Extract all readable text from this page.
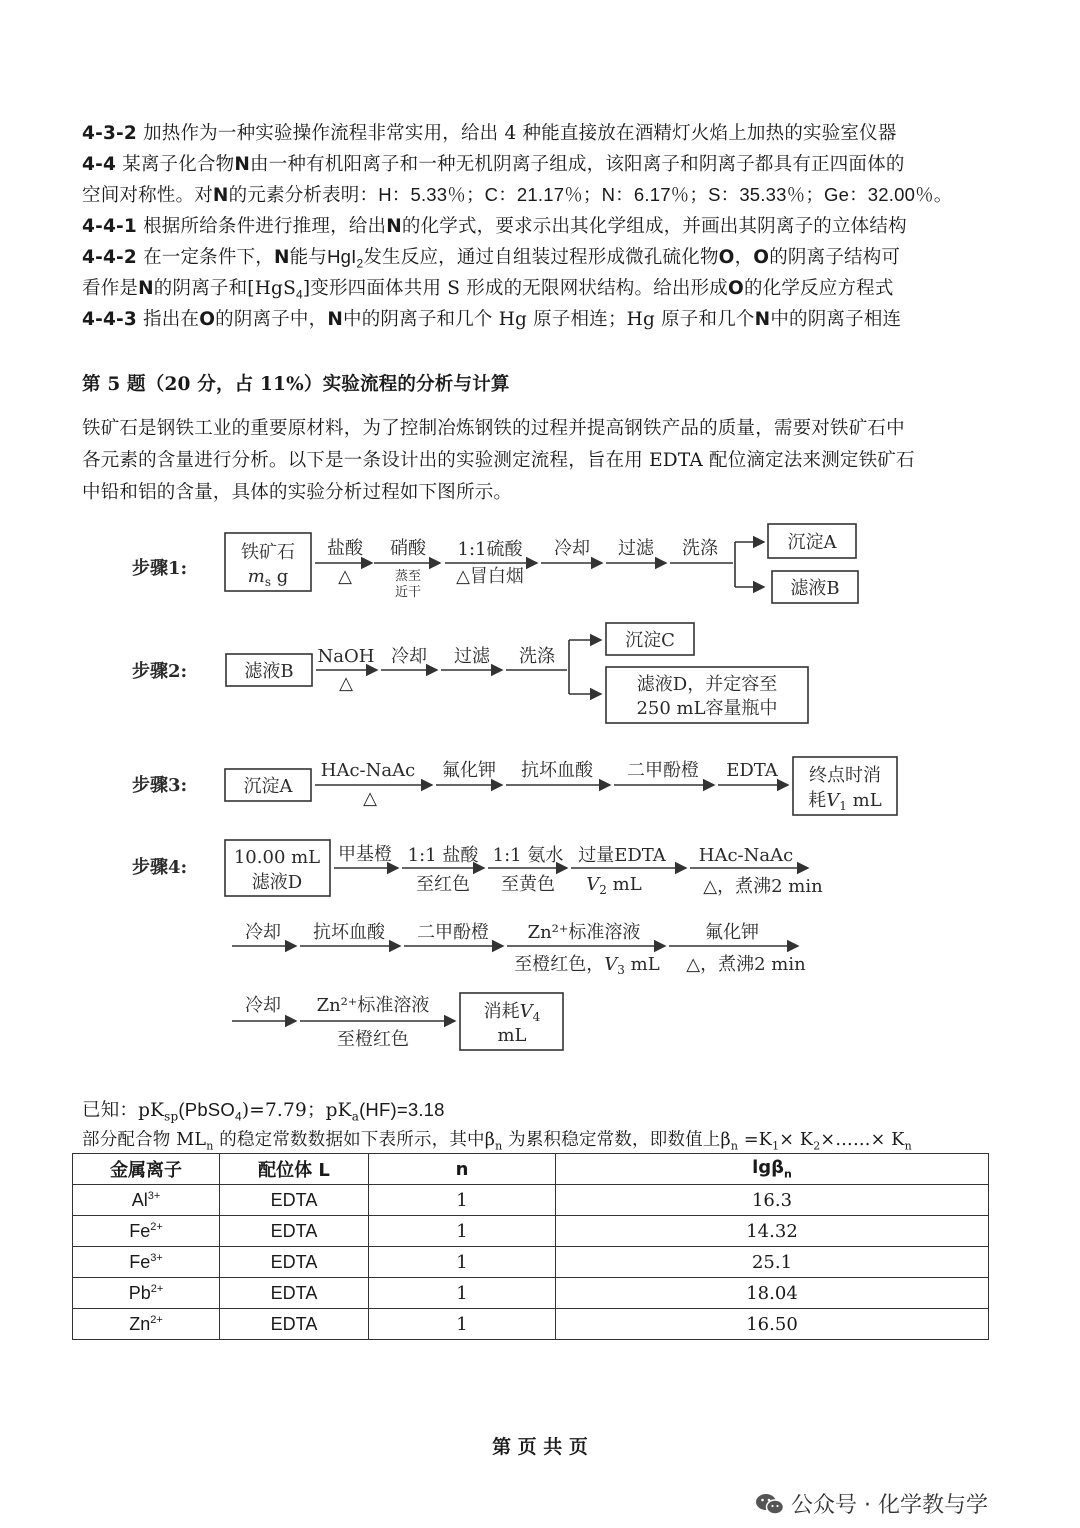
4-3-2 加热作为一种实验操作流程非常实用，给出 4 种能直接放在酒精灯火焰上加热的实验室仪器
4-4 某离子化合物N由一种有机阳离子和一种无机阴离子组成，该阳离子和阴离子都具有正四面体的
空间对称性。对N的元素分析表明：H：5.33％；C：21.17％；N：6.17％；S：35.33％；Ge：32.00％。
4-4-1 根据所给条件进行推理，给出N的化学式，要求示出其化学组成，并画出其阴离子的立体结构
4-4-2 在一定条件下，N能与HgI$_2$发生反应，通过自组装过程形成微孔硫化物O，O的阴离子结构可
看作是N的阴离子和[HgS$_4$]变形四面体共用 S 形成的无限网状结构。给出形成O的化学反应方程式
4-4-3 指出在O的阴离子中，N中的阴离子和几个 Hg 原子相连；Hg 原子和几个N中的阴离子相连
第 5 题（20 分，占 11%）实验流程的分析与计算
铁矿石是钢铁工业的重要原材料，为了控制冶炼钢铁的过程并提高钢铁产品的质量，需要对铁矿石中
各元素的含量进行分析。以下是一条设计出的实验测定流程，旨在用 EDTA 配位滴定法来测定铁矿石
中铅和铝的含量，具体的实验分析过程如下图所示。
步骤1:
铁矿石
$m_s$ g
盐酸
△
硝酸
蒸至
近干
1:1硫酸
△冒白烟
冷却 过滤 洗涤	沉淀A
滤液B
步骤2:	滤液B
NaOH
△
冷却 过滤 洗涤
沉淀C
滤液D，并定容至
250 mL容量瓶中
步骤3:	沉淀A
HAc-NaAc
△
氟化钾 抗坏血酸 二甲酚橙 EDTA 终点时消
耗$V_1$ mL
步骤4:	10.00 mL
滤液D
甲基橙 1:1 盐酸
至红色
1:1 氨水
至黄色
过量EDTA
$V_2$ mL
HAc-NaAc
△，煮沸2 min
冷却 抗坏血酸 二甲酚橙 Zn²⁺标准溶液
至橙红色，$V_3$ mL
氟化钾
△，煮沸2 min
冷却 Zn²⁺标准溶液
至橙红色
消耗$V_4$
mL
已知：$pK_{sp}(PbSO_4)=7.79$；$pK_a(HF)=3.18$
部分配合物 $ML_n$ 的稳定常数数据如下表所示，其中$\beta_n$ 为累积稳定常数，即数值上$\beta_n =K_1\times$ $K_2\times\dots\dots\times K_n$
金属离子	配位体 L	n	lgβ$_n$
$Al^{3+}$	EDTA	1	16.3
$Fe^{2+}$	EDTA	1	14.32
$Fe^{3+}$	EDTA	1	25.1
$Pb^{2+}$	EDTA	1	18.04
$Zn^{2+}$	EDTA	1	16.50
第 页 共 页
公众号 · 化学教与学
